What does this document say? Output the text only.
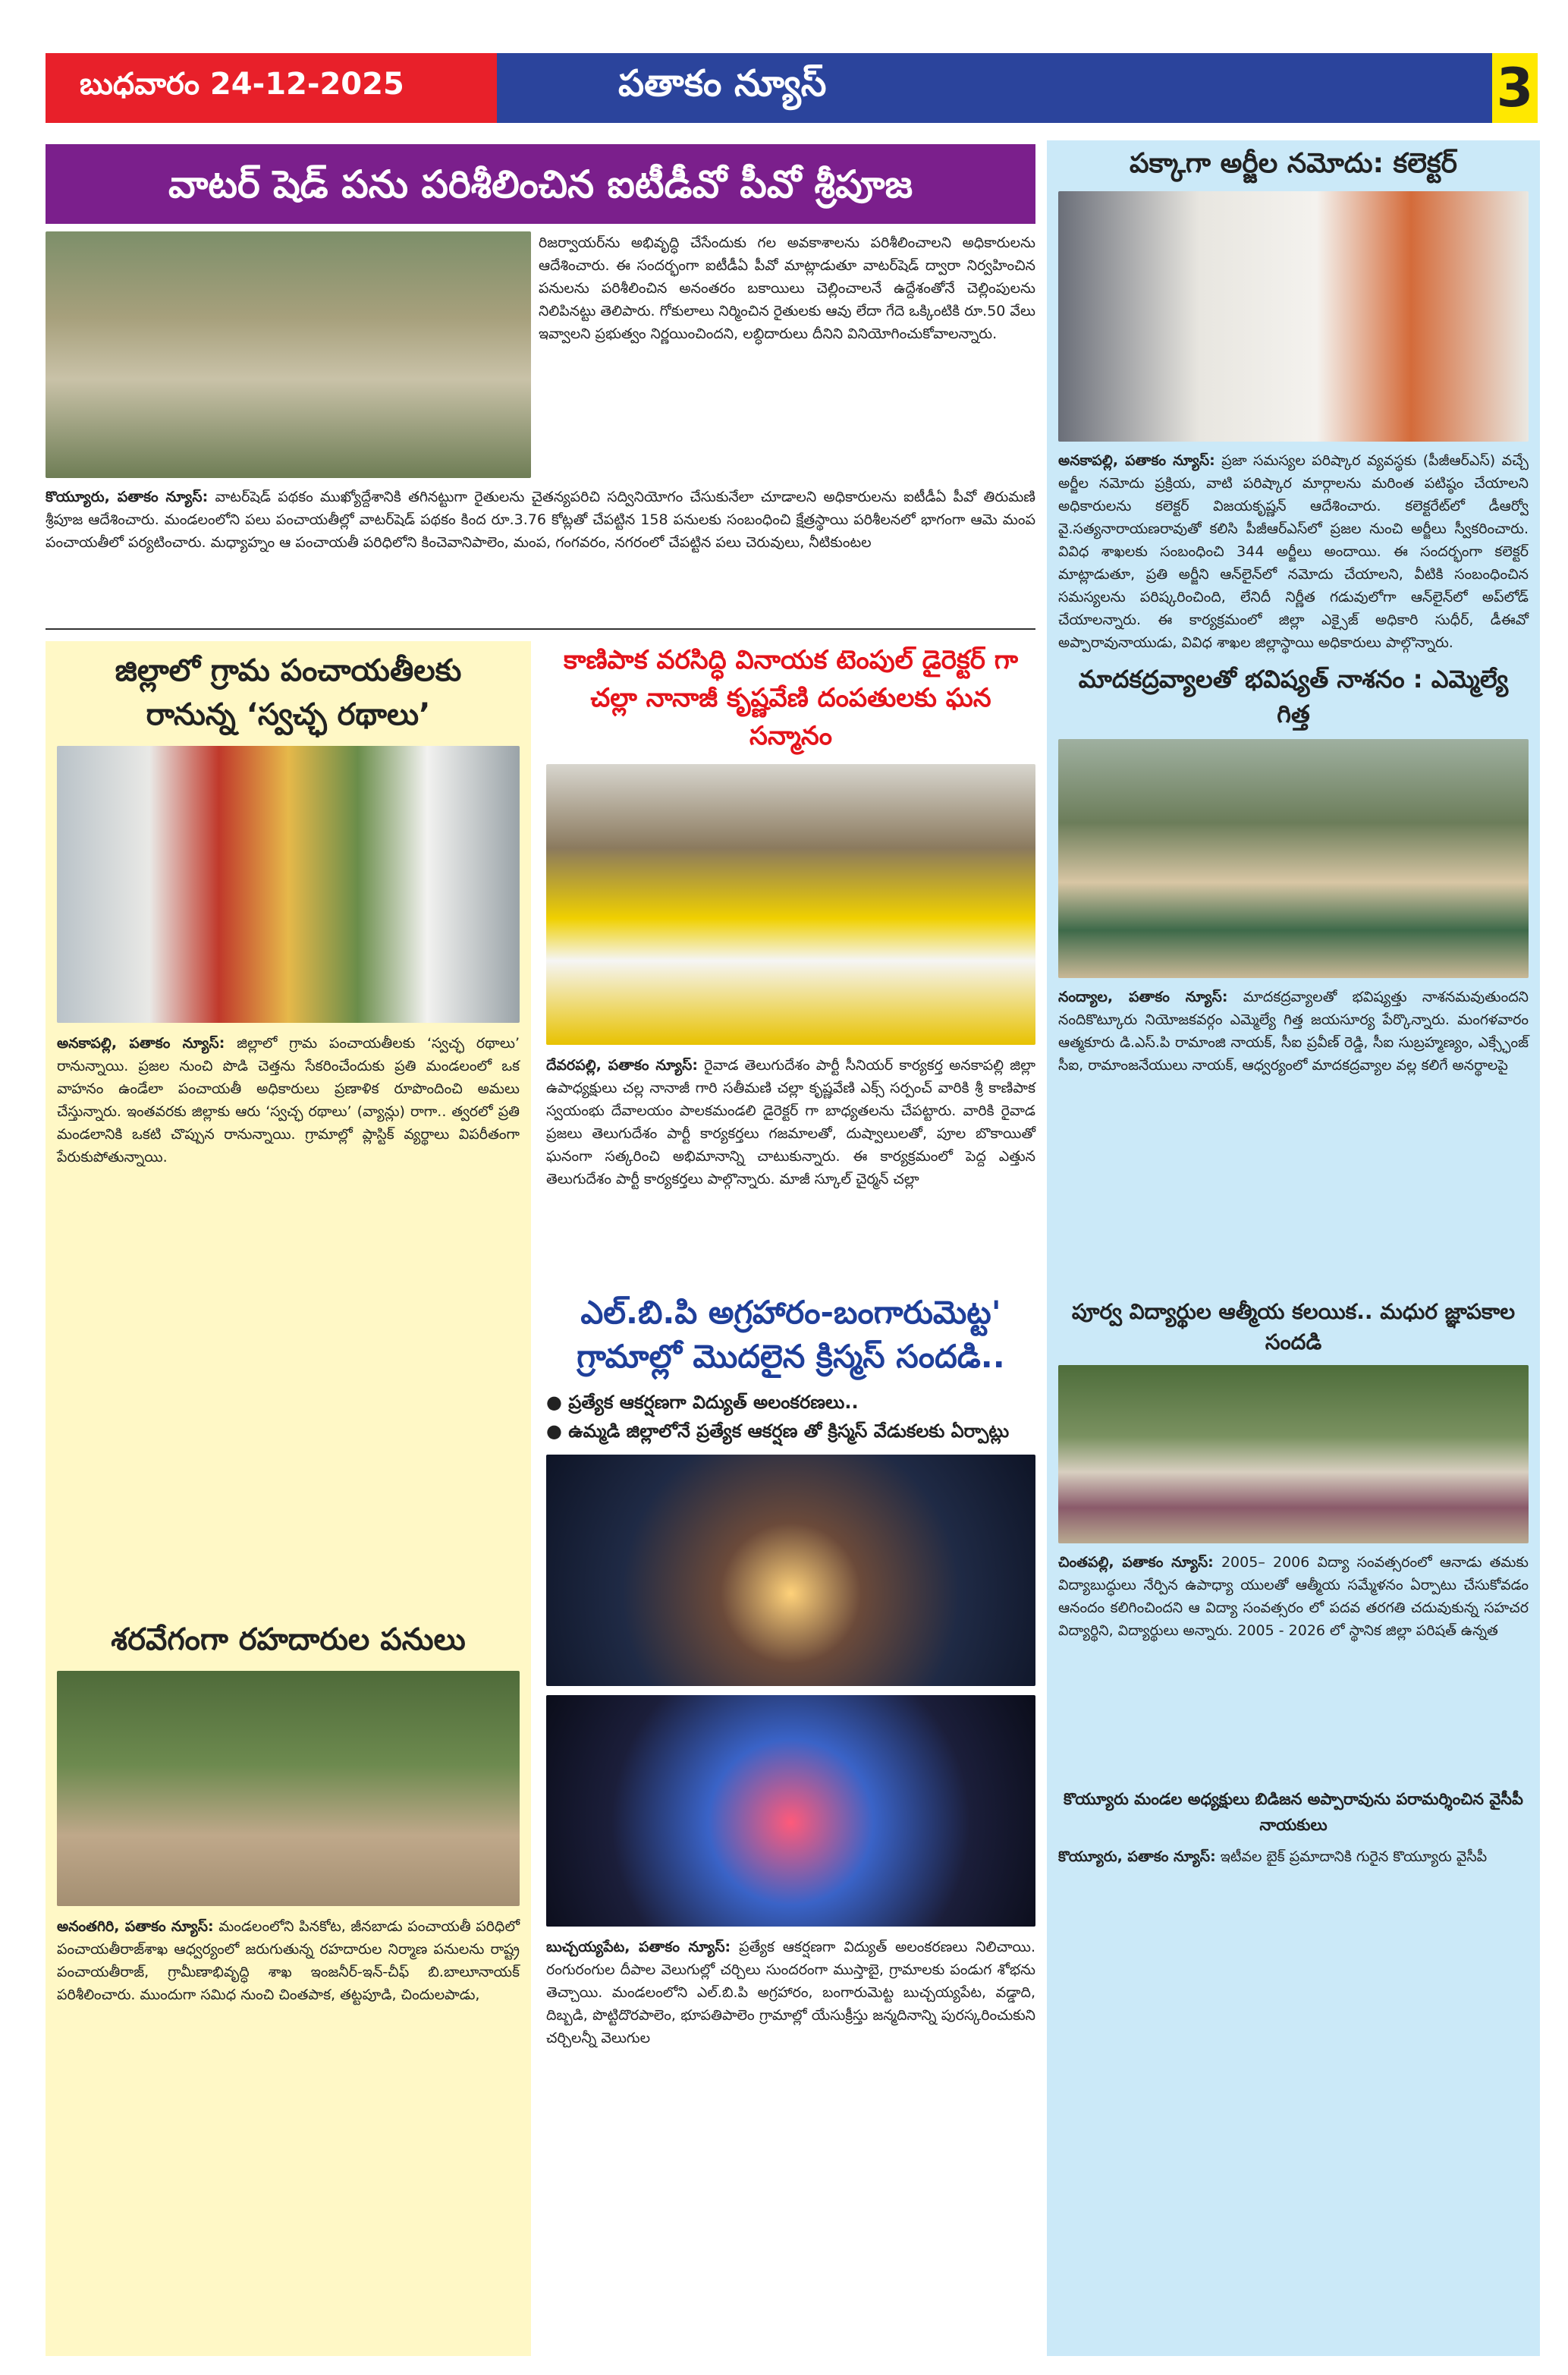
బుధవారం 24-12-2025	పతాకం న్యూస్	3
వాటర్ షెడ్ పను పరిశీలించిన ఐటీడీవో పీవో శ్రీపూజ
రిజర్వాయర్‌ను అభివృద్ధి చేసేందుకు గల అవకాశాలను పరిశీలించాలని అధికారులను ఆదేశించారు. ఈ సందర్భంగా ఐటీడీఏ పీవో మాట్లాడుతూ వాటర్‌షెడ్ ద్వారా నిర్వహించిన పనులను పరిశీలించిన అనంతరం బకాయిలు చెల్లించాలనే ఉద్దేశంతోనే చెల్లింపులను నిలిపినట్టు తెలిపారు. గోకులాలు నిర్మించిన రైతులకు ఆవు లేదా గేదె ఒక్కింటికి రూ.50 వేలు ఇవ్వాలని ప్రభుత్వం నిర్ణయించిందని, లబ్ధిదారులు దీనిని వినియోగించుకోవాలన్నారు.
కొయ్యూరు, పతాకం న్యూస్: వాటర్‌షెడ్ పథకం ముఖ్యోద్దేశానికి తగినట్టుగా రైతులను చైతన్యపరిచి సద్వినియోగం చేసుకునేలా చూడాలని అధికారులను ఐటీడీఏ పీవో తిరుమణి శ్రీపూజ ఆదేశించారు. మండలంలోని పలు పంచాయతీల్లో వాటర్‌షెడ్ పథకం కింద రూ.3.76 కోట్లతో చేపట్టిన 158 పనులకు సంబంధించి క్షేత్రస్థాయి పరిశీలనలో భాగంగా ఆమె మంప పంచాయతీలో పర్యటించారు. మధ్యాహ్నం ఆ పంచాయతీ పరిధిలోని కించెవానిపాలెం, మంప, గంగవరం, నగరంలో చేపట్టిన పలు చెరువులు, నీటికుంటల
జిల్లాలో గ్రామ పంచాయతీలకు
రానున్న ‘స్వచ్ఛ రథాలు’
అనకాపల్లి, పతాకం న్యూస్: జిల్లాలో గ్రామ పంచాయతీలకు ‘స్వచ్ఛ రథాలు’ రానున్నాయి. ప్రజల నుంచి పొడి చెత్తను సేకరించేందుకు ప్రతి మండలంలో ఒక వాహనం ఉండేలా పంచాయతీ అధికారులు ప్రణాళిక రూపొందించి అమలు చేస్తున్నారు. ఇంతవరకు జిల్లాకు ఆరు ‘స్వచ్ఛ రథాలు’ (వ్యాన్లు) రాగా.. త్వరలో ప్రతి మండలానికి ఒకటి చొప్పున రానున్నాయి. గ్రామాల్లో ప్లాస్టిక్ వ్యర్థాలు విపరీతంగా పేరుకుపోతున్నాయి.
శరవేగంగా రహదారుల పనులు
అనంతగిరి, పతాకం న్యూస్: మండలంలోని పినకోట, జీనబాడు పంచాయతీ పరిధిలో పంచాయతీరాజ్‌శాఖ ఆధ్వర్యంలో జరుగుతున్న రహదారుల నిర్మాణ పనులను రాష్ట్ర పంచాయతీరాజ్, గ్రామీణాభివృద్ధి శాఖ ఇంజనీర్-ఇన్-చీఫ్ బి.బాలూనాయక్ పరిశీలించారు. ముందుగా సమిధ నుంచి చింతపాక, తట్టపూడి, చిందులపాడు,
కాణిపాక వరసిద్ధి వినాయక టెంపుల్ డైరెక్టర్ గా
చల్లా నానాజీ కృష్ణవేణి దంపతులకు ఘన సన్మానం
దేవరపల్లి, పతాకం న్యూస్: రైవాడ తెలుగుదేశం పార్టీ సీనియర్ కార్యకర్త అనకాపల్లి జిల్లా ఉపాధ్యక్షులు చల్ల నానాజీ గారి సతీమణి చల్లా కృష్ణవేణి ఎక్స్ సర్పంచ్ వారికి శ్రీ కాణిపాక స్వయంభు దేవాలయం పాలకమండలి డైరెక్టర్ గా బాధ్యతలను చేపట్టారు. వారికి రైవాడ ప్రజలు తెలుగుదేశం పార్టీ కార్యకర్తలు గజమాలతో, దుష్వాలులతో, పూల బొకాయితో ఘనంగా సత్కరించి అభిమానాన్ని చాటుకున్నారు. ఈ కార్యక్రమంలో పెద్ద ఎత్తున తెలుగుదేశం పార్టీ కార్యకర్తలు పాల్గొన్నారు. మాజీ స్కూల్ చైర్మన్ చల్లా
ఎల్.బి.పి అగ్రహారం-బంగారుమెట్ట'
గ్రామాల్లో మొదలైన క్రిస్మస్ సందడి..
● ప్రత్యేక ఆకర్షణగా విద్యుత్ అలంకరణలు..
● ఉమ్మడి జిల్లాలోనే ప్రత్యేక ఆకర్షణ తో క్రిస్మస్ వేడుకలకు ఏర్పాట్లు
బుచ్చయ్యపేట, పతాకం న్యూస్: ప్రత్యేక ఆకర్షణగా విద్యుత్ అలంకరణలు నిలిచాయి. రంగురంగుల దీపాల వెలుగుల్లో చర్చిలు సుందరంగా ముస్తాబై, గ్రామాలకు పండుగ శోభను తెచ్చాయి. మండలంలోని ఎల్.బి.పి అగ్రహారం, బంగారుమెట్ట బుచ్చయ్యపేట, వడ్డాది, దిబ్బడి, పొట్టిదొరపాలెం, భూపతిపాలెం గ్రామాల్లో యేసుక్రీస్తు జన్మదినాన్ని పురస్కరించుకుని చర్చిలన్నీ వెలుగుల
పక్కాగా అర్జీల నమోదు: కలెక్టర్
అనకాపల్లి, పతాకం న్యూస్: ప్రజా సమస్యల పరిష్కార వ్యవస్థకు (పీజీఆర్ఎస్) వచ్చే అర్జీల నమోదు ప్రక్రియ, వాటి పరిష్కార మార్గాలను మరింత పటిష్ఠం చేయాలని అధికారులను కలెక్టర్ విజయకృష్ణన్ ఆదేశించారు. కలెక్టరేట్‌లో డీఆర్వో వై.సత్యనారాయణరావుతో కలిసి పీజీఆర్ఎస్‌లో ప్రజల నుంచి అర్జీలు స్వీకరించారు. వివిధ శాఖలకు సంబంధించి 344 అర్జీలు అందాయి. ఈ సందర్భంగా కలెక్టర్ మాట్లాడుతూ, ప్రతి అర్జీని ఆన్‌లైన్‌లో నమోదు చేయాలని, వీటికి సంబంధించిన సమస్యలను పరిష్కరించింది, లేనిదీ నిర్ణీత గడువులోగా ఆన్‌లైన్‌లో అప్‌లోడ్ చేయాలన్నారు. ఈ కార్యక్రమంలో జిల్లా ఎక్సైజ్ అధికారి సుధీర్, డీఈవో అప్పారావునాయుడు, వివిధ శాఖల జిల్లాస్థాయి అధికారులు పాల్గొన్నారు.
మాదకద్రవ్యాలతో భవిష్యత్ నాశనం : ఎమ్మెల్యే గిత్త
నంద్యాల, పతాకం న్యూస్: మాదకద్రవ్యాలతో భవిష్యత్తు నాశనమవుతుందని నందికొట్కూరు నియోజకవర్గం ఎమ్మెల్యే గిత్త జయసూర్య పేర్కొన్నారు. మంగళవారం ఆత్మకూరు డి.ఎస్.పి రామాంజి నాయక్, సీఐ ప్రవీణ్ రెడ్డి, సీఐ సుబ్రహ్మణ్యం, ఎక్స్ఛేంజ్ సీఐ, రామాంజనేయులు నాయక్, ఆధ్వర్యంలో మాదకద్రవ్యాల వల్ల కలిగే అనర్థాలపై
పూర్వ విద్యార్థుల ఆత్మీయ కలయిక.. మధుర జ్ఞాపకాల సందడి
చింతపల్లి, పతాకం న్యూస్: 2005– 2006 విద్యా సంవత్సరంలో ఆనాడు తమకు విద్యాబుద్ధులు నేర్పిన ఉపాధ్యా యులతో ఆత్మీయ సమ్మేళనం ఏర్పాటు చేసుకోవడం ఆనందం కలిగించిందని ఆ విద్యా సంవత్సరం లో పదవ తరగతి చదువుకున్న సహచర విద్యార్థిని, విద్యార్థులు అన్నారు. 2005 - 2026 లో స్థానిక జిల్లా పరిషత్ ఉన్నత
కొయ్యూరు మండల అధ్యక్షులు బిడిజన అప్పారావును పరామర్శించిన వైసీపీ నాయకులు
కొయ్యూరు, పతాకం న్యూస్: ఇటీవల బైక్ ప్రమాదానికి గురైన కొయ్యూరు వైసీపీ
